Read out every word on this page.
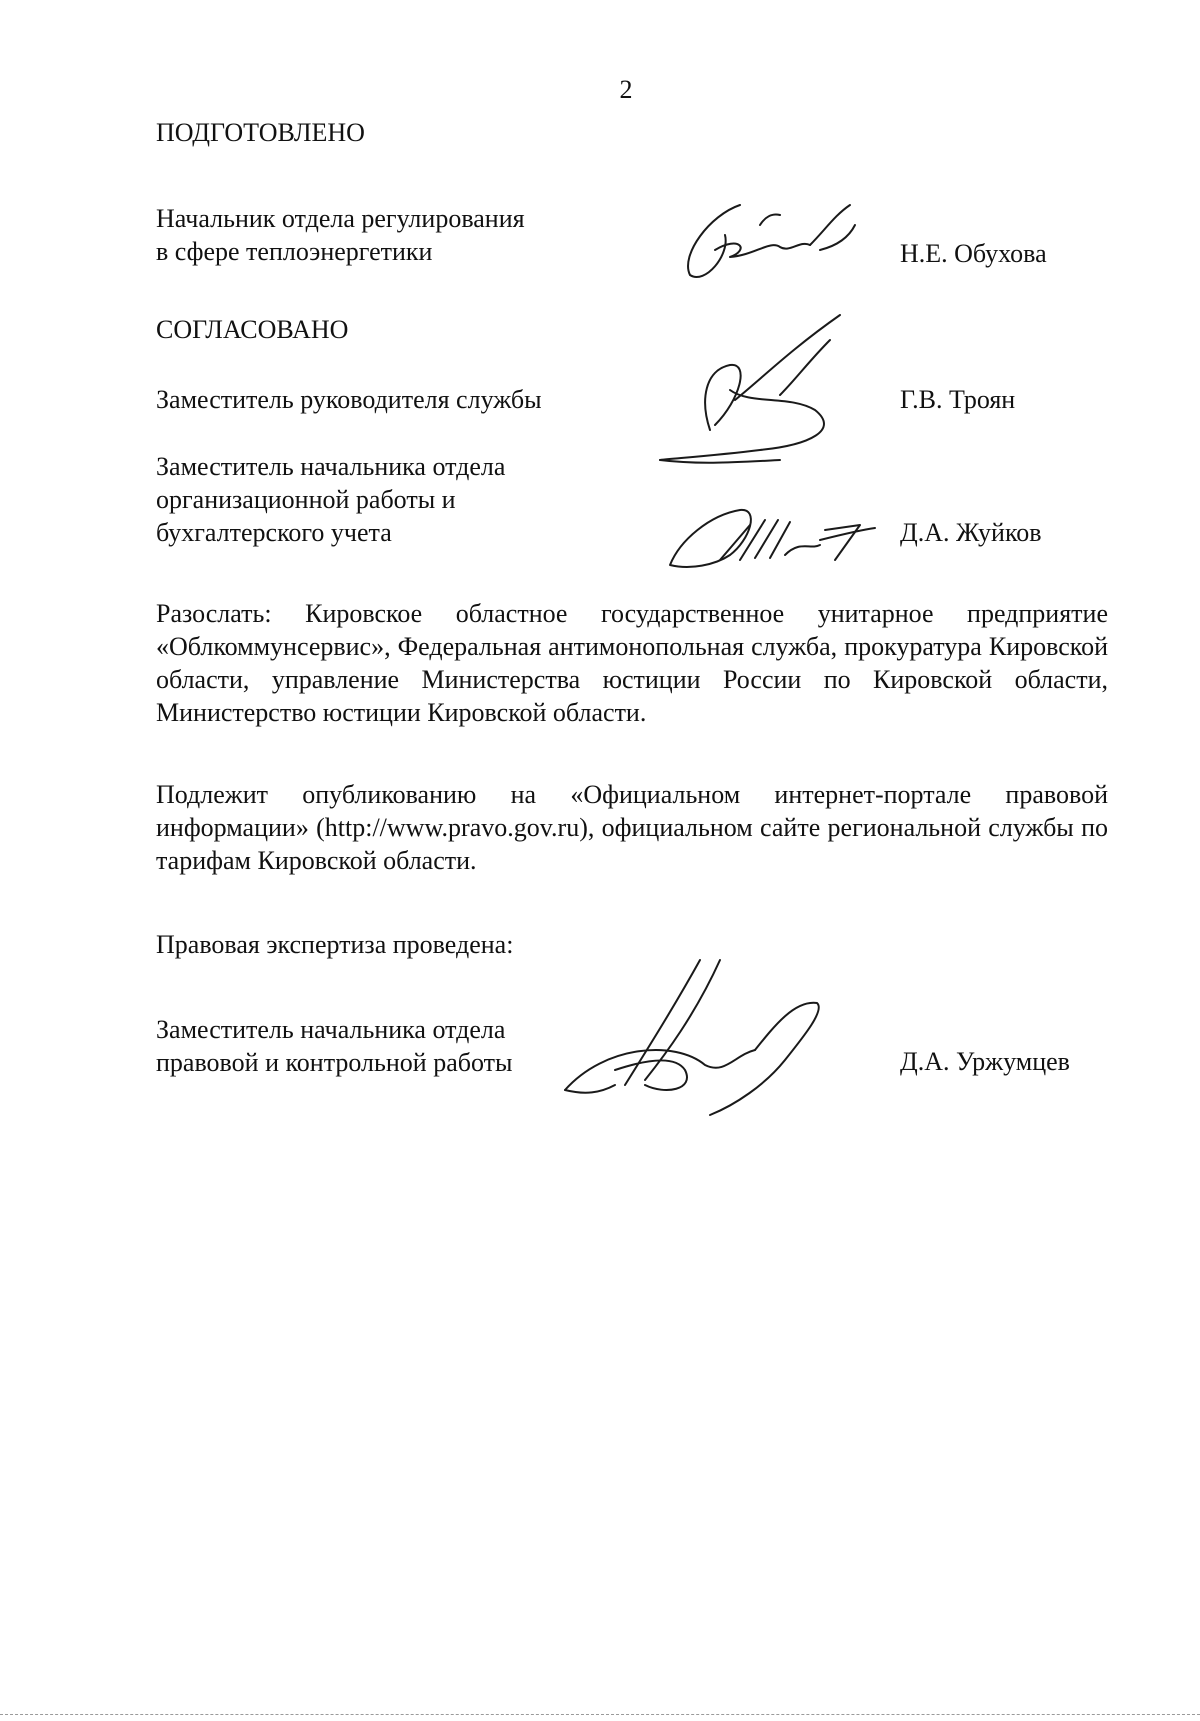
2
ПОДГОТОВЛЕНО
Начальник отдела регулирования
в сфере теплоэнергетики	Н.Е. Обухова
СОГЛАСОВАНО
Заместитель руководителя службы	Г.В. Троян
Заместитель начальника отдела
организационной работы и
бухгалтерского учета	Д.А. Жуйков
Разослать: Кировское областное государственное унитарное предприятие «Облкоммунсервис», Федеральная антимонопольная служба, прокуратура Кировской области, управление Министерства юстиции России по Кировской области, Министерство юстиции Кировской области.
Подлежит опубликованию на «Официальном интернет-портале правовой информации» (http://www.pravo.gov.ru), официальном сайте региональной службы по тарифам Кировской области.
Правовая экспертиза проведена:
Заместитель начальника отдела
правовой и контрольной работы	Д.А. Уржумцев
